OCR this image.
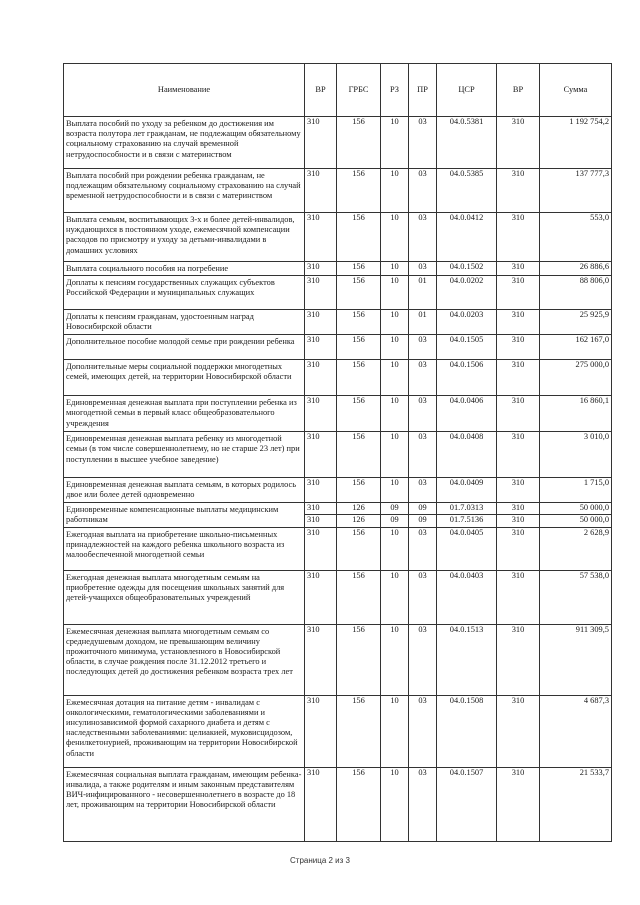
Наименование	ВР	ГРБС	РЗ	ПР	ЦСР	ВР	Сумма
Выплата пособий по уходу за ребенком до достижения им возраста полутора лет гражданам, не подлежащим обязательному социальному страхованию на случай временной нетрудоспособности и в связи с материнством	310	156	10	03	04.0.5381	310	1 192 754,2
Выплата пособий при рождении ребенка гражданам, не подлежащим обязательному социальному страхованию на случай временной нетрудоспособности и в связи с материнством	310	156	10	03	04.0.5385	310	137 777,3
Выплата семьям, воспитывающих 3-х и более детей-инвалидов, нуждающихся в постоянном уходе, ежемесячной компенсации расходов по присмотру и уходу за детьми-инвалидами в домашних условиях	310	156	10	03	04.0.0412	310	553,0
Выплата социального пособия на погребение	310	156	10	03	04.0.1502	310	26 886,6
Доплаты к пенсиям государственных служащих субъектов Российской Федерации и муниципальных служащих	310	156	10	01	04.0.0202	310	88 806,0
Доплаты к пенсиям гражданам, удостоенным наград Новосибирской области	310	156	10	01	04.0.0203	310	25 925,9
Дополнительное пособие молодой семье при рождении ребенка	310	156	10	03	04.0.1505	310	162 167,0
Дополнительные меры социальной поддержки многодетных семей, имеющих детей, на территории Новосибирской области	310	156	10	03	04.0.1506	310	275 000,0
Единовременная денежная выплата при поступлении ребенка из многодетной семьи в первый класс общеобразовательного учреждения	310	156	10	03	04.0.0406	310	16 860,1
Единовременная денежная выплата ребенку из многодетной семьи (в том числе совершеннолетнему, но не старше 23 лет) при поступлении в высшее учебное заведение)	310	156	10	03	04.0.0408	310	3 010,0
Единовременная денежная выплата семьям, в которых родилось двое или более детей одновременно	310	156	10	03	04.0.0409	310	1 715,0
Единовременные компенсационные выплаты медицинским работникам	310	126	09	09	01.7.0313	310	50 000,0
	310	126	09	09	01.7.5136	310	50 000,0
Ежегодная выплата на приобретение школьно-письменных принадлежностей на каждого ребенка школьного возраста из малообеспеченной многодетной семьи	310	156	10	03	04.0.0405	310	2 628,9
Ежегодная денежная выплата многодетным семьям на приобретение одежды для посещения школьных занятий для детей-учащихся общеобразовательных учреждений	310	156	10	03	04.0.0403	310	57 538,0
Ежемесячная денежная выплата многодетным семьям со среднедушевым доходом, не превышающим величину прожиточного минимума, установленного в Новосибирской области, в случае рождения после 31.12.2012 третьего и последующих детей до достижения ребенком возраста трех лет	310	156	10	03	04.0.1513	310	911 309,5
Ежемесячная дотация на питание детям - инвалидам с онкологическими, гематологическими заболеваниями и инсулинозависимой формой сахарного диабета и детям с наследственными заболеваниями: целиакией, муковисцидозом, фенилкетонурией, проживающим на территории Новосибирской области	310	156	10	03	04.0.1508	310	4 687,3
Ежемесячная социальная выплата гражданам, имеющим ребенка-инвалида, а также родителям и иным законным представителям ВИЧ-инфицированного - несовершеннолетнего в возрасте до 18 лет, проживающим на территории Новосибирской области	310	156	10	03	04.0.1507	310	21 533,7
Страница 2 из 3
